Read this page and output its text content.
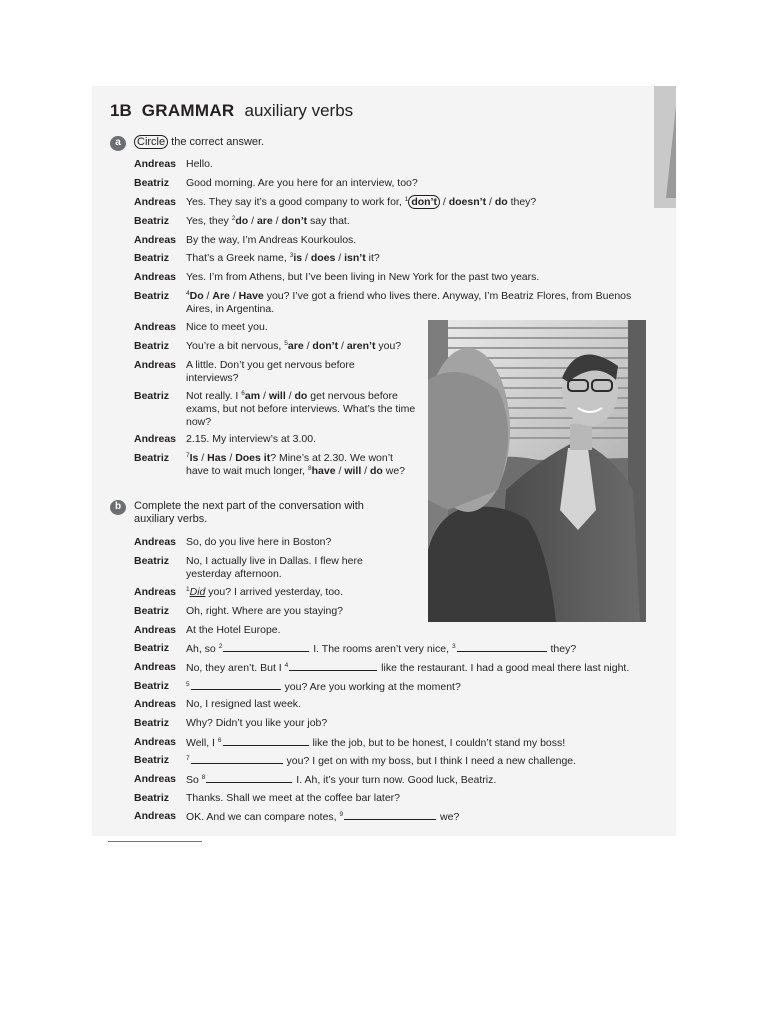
1B GRAMMAR auxiliary verbs
a	Circle the correct answer.
Andreas Hello.
Beatriz Good morning. Are you here for an interview, too?
Andreas Yes. They say it’s a good company to work for, $^1$ don’t / doesn’t / do they?
Beatriz Yes, they $^2$do / are / don’t say that.
Andreas By the way, I’m Andreas Kourkoulos.
Beatriz That’s a Greek name, $^3$is / does / isn’t it?
Andreas Yes. I’m from Athens, but I’ve been living in New York for the past two years.
Beatriz	$^4$Do / Are / Have you? I’ve got a friend who lives there. Anyway, I’m Beatriz Flores, from Buenos Aires, in Argentina.
Andreas Nice to meet you.
Beatriz You’re a bit nervous, $^5$are / don’t / aren’t you?
Andreas A little. Don’t you get nervous before interviews?
Beatriz Not really. I $^6$am / will / do get nervous before exams, but not before interviews. What’s the time now?
Andreas 2.15. My interview’s at 3.00.
Beatriz	$^7$Is / Has / Does it? Mine’s at 2.30. We won’t have to wait much longer, $^8$have / will / do we?
b	Complete the next part of the conversation with auxiliary verbs.
Andreas So, do you live here in Boston?
Beatriz No, I actually live in Dallas. I flew here yesterday afternoon.
Andreas $^1$Did you? I arrived yesterday, too.
Beatriz Oh, right. Where are you staying?
Andreas At the Hotel Europe.
Beatriz Ah, so $^2$	I. The rooms aren’t very nice, $^3$	they?
Andreas No, they aren’t. But I $^4$	like the restaurant. I had a good meal there last night.
Beatriz	$^5$	you? Are you working at the moment?
Andreas No, I resigned last week.
Beatriz Why? Didn’t you like your job?
Andreas Well, I $^6$	like the job, but to be honest, I couldn’t stand my boss!
Beatriz	$^7$	you? I get on with my boss, but I think I need a new challenge.
Andreas So $^8$	I. Ah, it’s your turn now. Good luck, Beatriz.
Beatriz Thanks. Shall we meet at the coffee bar later?
Andreas OK. And we can compare notes, $^9$	we?
